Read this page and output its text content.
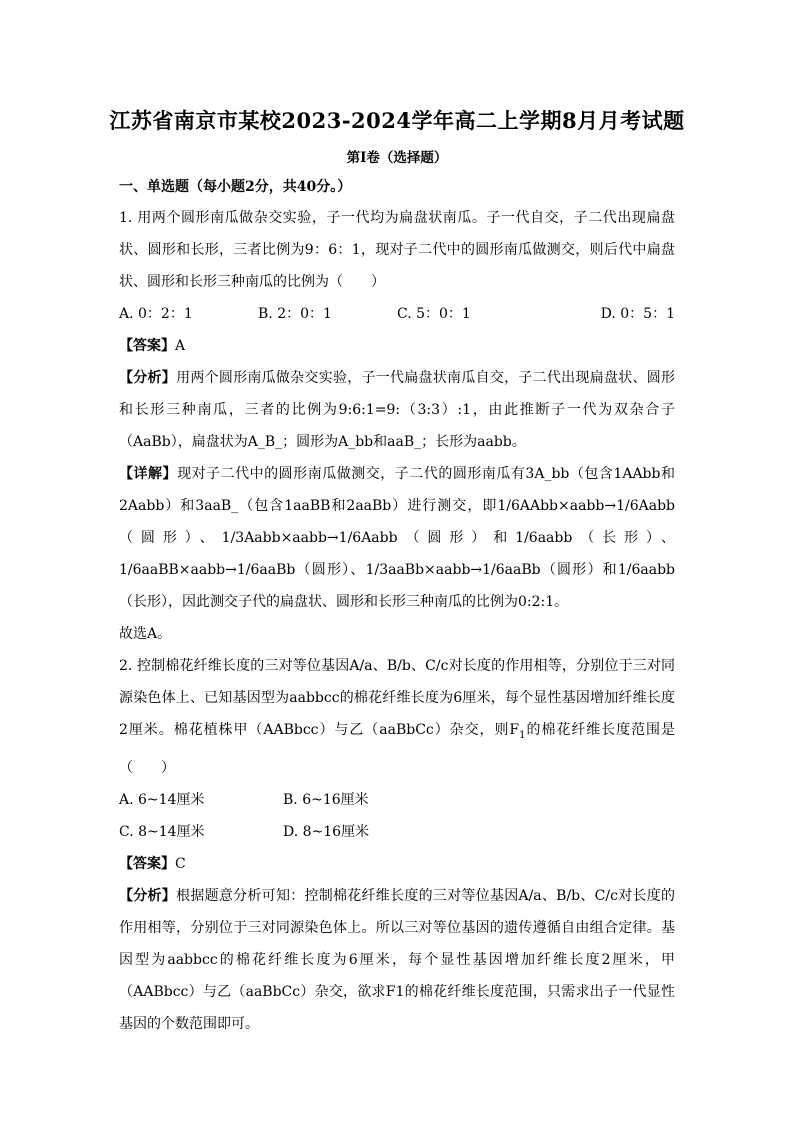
江苏省南京市某校2023-2024学年高二上学期8月月考试题
第Ⅰ卷（选择题）

一、单选题（每小题2分，共40分。）

1. 用两个圆形南瓜做杂交实验，子一代均为扁盘状南瓜。子一代自交，子二代出现扁盘状、圆形和长形，三者比例为9：6：1，现对子二代中的圆形南瓜做测交，则后代中扁盘状、圆形和长形三种南瓜的比例为（　　）

A. 0：2：1	B. 2：0：1	C. 5：0：1	D. 0：5：1

【答案】A

【分析】用两个圆形南瓜做杂交实验，子一代扁盘状南瓜自交，子二代出现扁盘状、圆形和长形三种南瓜，三者的比例为9:6:1=9:（3:3）:1，由此推断子一代为双杂合子（AaBb），扁盘状为A_B_；圆形为A_bb和aaB_；长形为aabb。

【详解】现对子二代中的圆形南瓜做测交，子二代的圆形南瓜有3A_bb（包含1AAbb和2Aabb）和3aaB_（包含1aaBB和2aaBb）进行测交，即1/6AAbb×aabb→1/6Aabb（圆形）、1/3Aabb×aabb→1/6Aabb（圆形）和1/6aabb（长形）、1/6aaBB×aabb→1/6aaBb（圆形）、1/3aaBb×aabb→1/6aaBb（圆形）和1/6aabb（长形），因此测交子代的扁盘状、圆形和长形三种南瓜的比例为0:2:1。

故选A。

2. 控制棉花纤维长度的三对等位基因A/a、B/b、C/c对长度的作用相等，分别位于三对同源染色体上、已知基因型为aabbcc的棉花纤维长度为6厘米，每个显性基因增加纤维长度2厘米。棉花植株甲（AABbcc）与乙（aaBbCc）杂交，则$F_1$的棉花纤维长度范围是（　　）

A. 6~14厘米	B. 6~16厘米

C. 8~14厘米	D. 8~16厘米

【答案】C

【分析】根据题意分析可知：控制棉花纤维长度的三对等位基因A/a、B/b、C/c对长度的作用相等，分别位于三对同源染色体上。所以三对等位基因的遗传遵循自由组合定律。基因型为aabbcc的棉花纤维长度为6厘米，每个显性基因增加纤维长度2厘米，甲（AABbcc）与乙（aaBbCc）杂交，欲求F1的棉花纤维长度范围，只需求出子一代显性基因的个数范围即可。
